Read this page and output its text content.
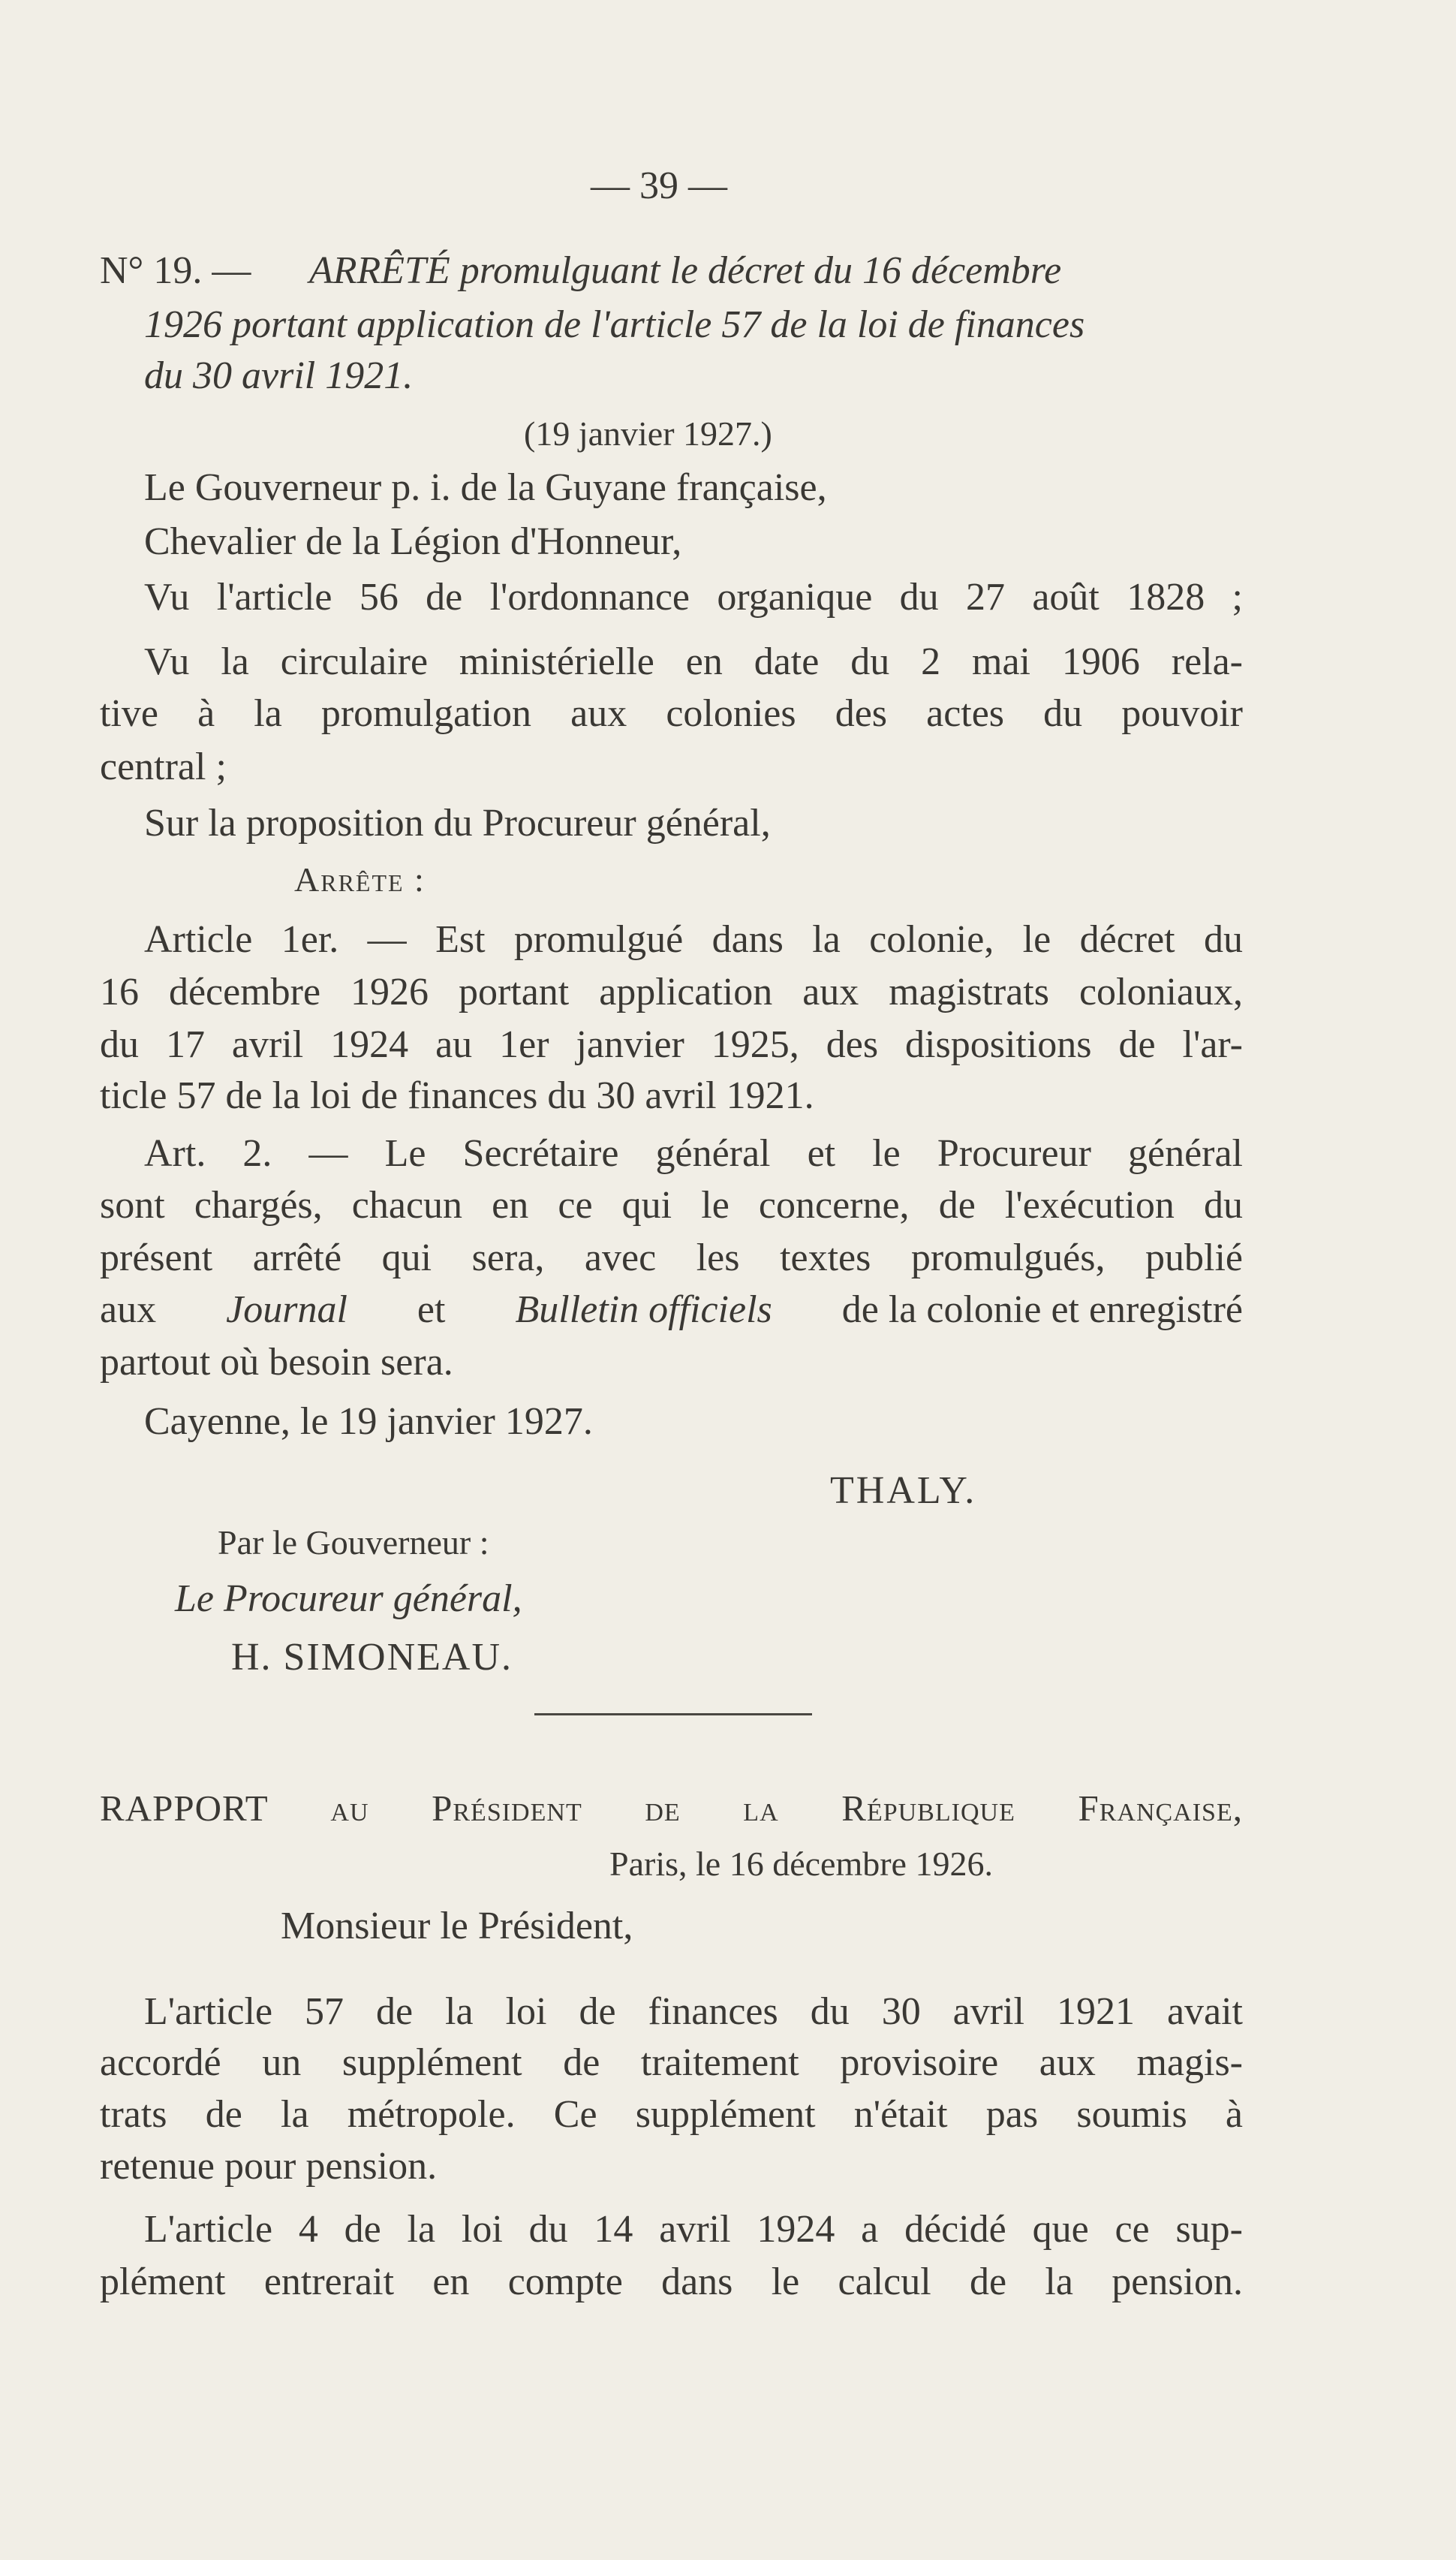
— 39 —
N° 19. — ARRÊTÉ promulguant le décret du 16 décembre
1926 portant application de l'article 57 de la loi de finances
du 30 avril 1921.
(19 janvier 1927.)
Le Gouverneur p. i. de la Guyane française,
Chevalier de la Légion d'Honneur,
Vu l'article 56 de l'ordonnance organique du 27 août 1828 ;
Vu la circulaire ministérielle en date du 2 mai 1906 rela-
tive à la promulgation aux colonies des actes du pouvoir
central ;
Sur la proposition du Procureur général,
Arrête :
Article 1er. — Est promulgué dans la colonie, le décret du
16 décembre 1926 portant application aux magistrats coloniaux,
du 17 avril 1924 au 1er janvier 1925, des dispositions de l'ar-
ticle 57 de la loi de finances du 30 avril 1921.
Art. 2. — Le Secrétaire général et le Procureur général
sont chargés, chacun en ce qui le concerne, de l'exécution du
présent arrêté qui sera, avec les textes promulgués, publié
aux Journal et Bulletin officiels de la colonie et enregistré
partout où besoin sera.
Cayenne, le 19 janvier 1927.
THALY.
Par le Gouverneur :
Le Procureur général,
H. SIMONEAU.
RAPPORT au Président de la République Française,
Paris, le 16 décembre 1926.
Monsieur le Président,
L'article 57 de la loi de finances du 30 avril 1921 avait
accordé un supplément de traitement provisoire aux magis-
trats de la métropole. Ce supplément n'était pas soumis à
retenue pour pension.
L'article 4 de la loi du 14 avril 1924 a décidé que ce sup-
plément entrerait en compte dans le calcul de la pension.
